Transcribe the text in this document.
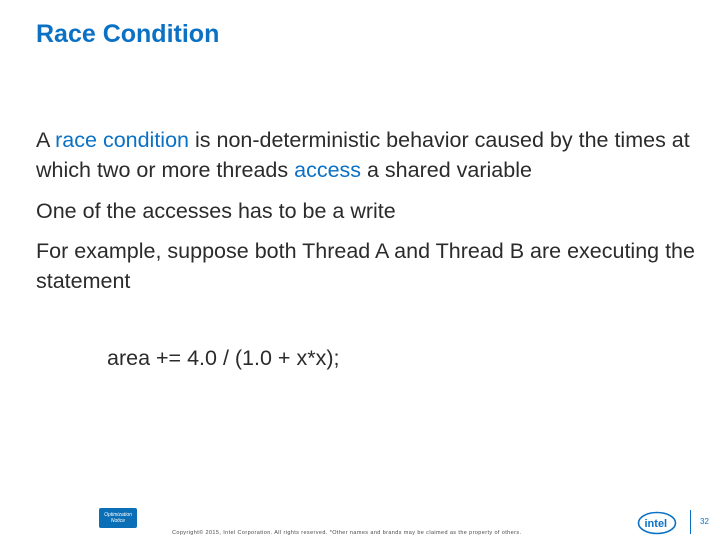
Race Condition

A race condition is non-deterministic behavior caused by the times at which two or more threads access a shared variable

One of the accesses has to be a write

For example, suppose both Thread A and Thread B are executing the statement

area += 4.0 / (1.0 + x*x);

Optimization
Notice
Copyright© 2015, Intel Corporation. All rights reserved. *Other names and brands may be claimed as the property of others.
intel	32
